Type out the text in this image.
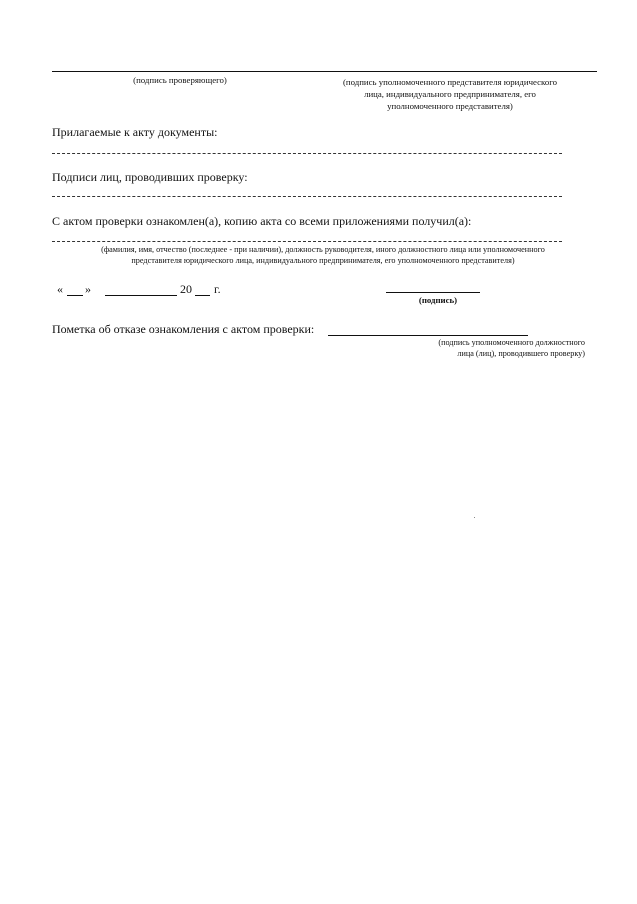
(подпись проверяющего)	(подпись уполномоченного представителя юридического
лица, индивидуального предпринимателя, его
уполномоченного представителя)
Прилагаемые к акту документы:
Подписи лиц, проводивших проверку:
С актом проверки ознакомлен(а), копию акта со всеми приложениями получил(а):
(фамилия, имя, отчество (последнее - при наличии), должность руководителя, иного должностного лица или уполномоченного
представителя юридического лица, индивидуального предпринимателя, его уполномоченного представителя)
« »	20 г.
(подпись)
Пометка об отказе ознакомления с актом проверки:
(подпись уполномоченного должностного
лица (лиц), проводившего проверку)
